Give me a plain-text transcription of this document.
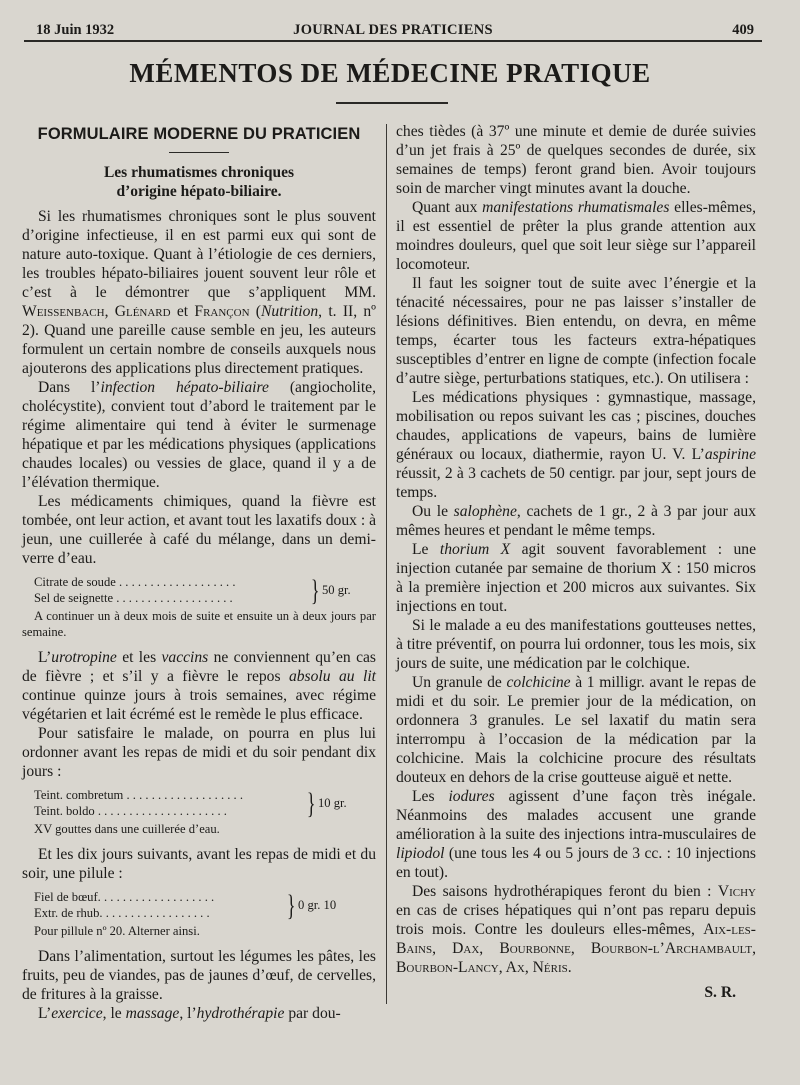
18 Juin 1932	JOURNAL DES PRATICIENS	409
MÉMENTOS DE MÉDECINE PRATIQUE
FORMULAIRE MODERNE DU PRATICIEN
Les rhumatismes chroniques
d’origine hépato-biliaire.

Si les rhumatismes chroniques sont le plus souvent d’origine infectieuse, il en est parmi eux qui sont de nature auto-toxique. Quant à l’étiologie de ces derniers, les troubles hépato-biliaires jouent souvent leur rôle et c’est à le démontrer que s’appliquent MM. Weissenbach, Glénard et Françon (Nutrition, t. II, nº 2). Quand une pareille cause semble en jeu, les auteurs formulent un certain nombre de conseils auxquels nous ajouterons des applications plus directement pratiques.

Dans l’infection hépato-biliaire (angiocholite, cholécystite), convient tout d’abord le traitement par le régime alimentaire qui tend à éviter le surmenage hépatique et par les médications physiques (applications chaudes locales) ou vessies de glace, quand il y a de l’élévation thermique.

Les médicaments chimiques, quand la fièvre est tombée, ont leur action, et avant tout les laxatifs doux : à jeun, une cuillerée à café du mélange, dans un demi-verre d’eau.

Citrate de soude . . . . . . . . . . . . . . . . . . .
Sel de seignette . . . . . . . . . . . . . . . . . . .	} 50 gr.
A continuer un à deux mois de suite et ensuite un à deux jours par semaine.

L’urotropine et les vaccins ne conviennent qu’en cas de fièvre ; et s’il y a fièvre le repos absolu au lit continue quinze jours à trois semaines, avec régime végétarien et lait écrémé est le remède le plus efficace.

Pour satisfaire le malade, on pourra en plus lui ordonner avant les repas de midi et du soir pendant dix jours :

Teint. combretum . . . . . . . . . . . . . . . . . . .
Teint. boldo . . . . . . . . . . . . . . . . . . . . .	} 10 gr.
XV gouttes dans une cuillerée d’eau.

Et les dix jours suivants, avant les repas de midi et du soir, une pilule :

Fiel de bœuf. . . . . . . . . . . . . . . . . . .
Extr. de rhub. . . . . . . . . . . . . . . . . .	} 0 gr. 10
Pour pillule nº 20. Alterner ainsi.

Dans l’alimentation, surtout les légumes les pâtes, les fruits, peu de viandes, pas de jaunes d’œuf, de cervelles, de fritures à la graisse.

L’exercice, le massage, l’hydrothérapie par dou-

ches tièdes (à 37º une minute et demie de durée suivies d’un jet frais à 25º de quelques secondes de durée, six semaines de temps) feront grand bien. Avoir toujours soin de marcher vingt minutes avant la douche.

Quant aux manifestations rhumatismales elles-mêmes, il est essentiel de prêter la plus grande attention aux moindres douleurs, quel que soit leur siège sur l’appareil locomoteur.

Il faut les soigner tout de suite avec l’énergie et la ténacité nécessaires, pour ne pas laisser s’installer de lésions définitives. Bien entendu, on devra, en même temps, écarter tous les facteurs extra-hépatiques susceptibles d’entrer en ligne de compte (infection focale d’autre siège, perturbations statiques, etc.). On utilisera :

Les médications physiques : gymnastique, massage, mobilisation ou repos suivant les cas ; piscines, douches chaudes, applications de vapeurs, bains de lumière généraux ou locaux, diathermie, rayon U. V. L’aspirine réussit, 2 à 3 cachets de 50 centigr. par jour, sept jours de temps.

Ou le salophène, cachets de 1 gr., 2 à 3 par jour aux mêmes heures et pendant le même temps.

Le thorium X agit souvent favorablement : une injection cutanée par semaine de thorium X : 150 micros à la première injection et 200 micros aux suivantes. Six injections en tout.

Si le malade a eu des manifestations goutteuses nettes, à titre préventif, on pourra lui ordonner, tous les mois, six jours de suite, une médication par le colchique.

Un granule de colchicine à 1 milligr. avant le repas de midi et du soir. Le premier jour de la médication, on ordonnera 3 granules. Le sel laxatif du matin sera interrompu à l’occasion de la médication par la colchicine. Mais la colchicine procure des résultats douteux en dehors de la crise goutteuse aiguë et nette.

Les iodures agissent d’une façon très inégale. Néanmoins des malades accusent une grande amélioration à la suite des injections intra-musculaires de lipiodol (une tous les 4 ou 5 jours de 3 cc. : 10 injections en tout).

Des saisons hydrothérapiques feront du bien : Vichy en cas de crises hépatiques qui n’ont pas reparu depuis trois mois. Contre les douleurs elles-mêmes, Aix-les-Bains, Dax, Bourbonne, Bourbon-l’Archambault, Bourbon-Lancy, Ax, Néris.

S. R.
